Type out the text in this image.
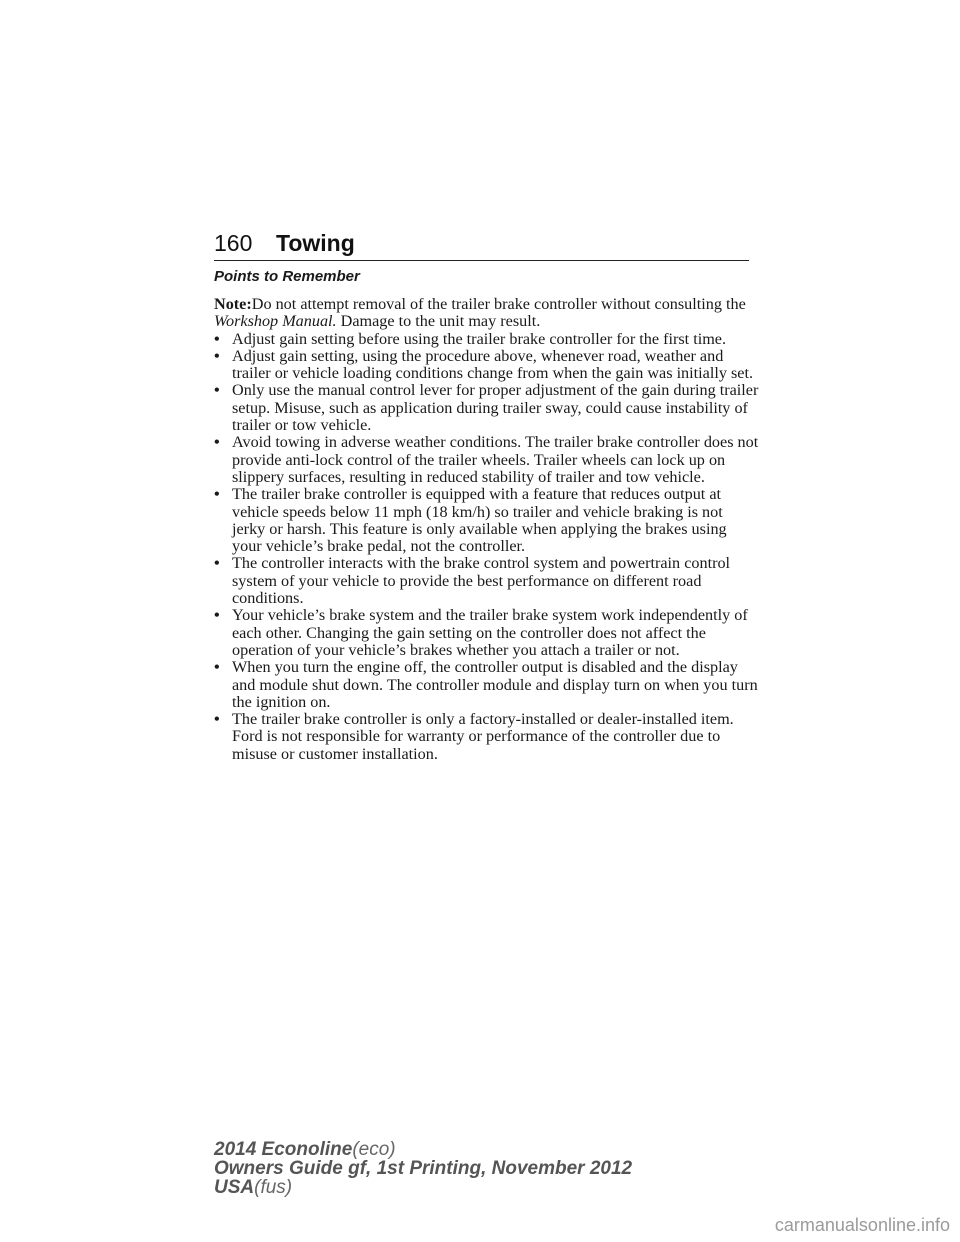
160 Towing
Points to Remember

Note:Do not attempt removal of the trailer brake controller without consulting the Workshop Manual. Damage to the unit may result.

• Adjust gain setting before using the trailer brake controller for the first time.
• Adjust gain setting, using the procedure above, whenever road, weather and trailer or vehicle loading conditions change from when the gain was initially set.
• Only use the manual control lever for proper adjustment of the gain during trailer setup. Misuse, such as application during trailer sway, could cause instability of trailer or tow vehicle.
• Avoid towing in adverse weather conditions. The trailer brake controller does not provide anti-lock control of the trailer wheels. Trailer wheels can lock up on slippery surfaces, resulting in reduced stability of trailer and tow vehicle.
• The trailer brake controller is equipped with a feature that reduces output at vehicle speeds below 11 mph (18 km/h) so trailer and vehicle braking is not jerky or harsh. This feature is only available when applying the brakes using your vehicle’s brake pedal, not the controller.
• The controller interacts with the brake control system and powertrain control system of your vehicle to provide the best performance on different road conditions.
• Your vehicle’s brake system and the trailer brake system work independently of each other. Changing the gain setting on the controller does not affect the operation of your vehicle’s brakes whether you attach a trailer or not.
• When you turn the engine off, the controller output is disabled and the display and module shut down. The controller module and display turn on when you turn the ignition on.
• The trailer brake controller is only a factory-installed or dealer-installed item. Ford is not responsible for warranty or performance of the controller due to misuse or customer installation.
2014 Econoline(eco)
Owners Guide gf, 1st Printing, November 2012
USA(fus)
carmanualsonline.info
